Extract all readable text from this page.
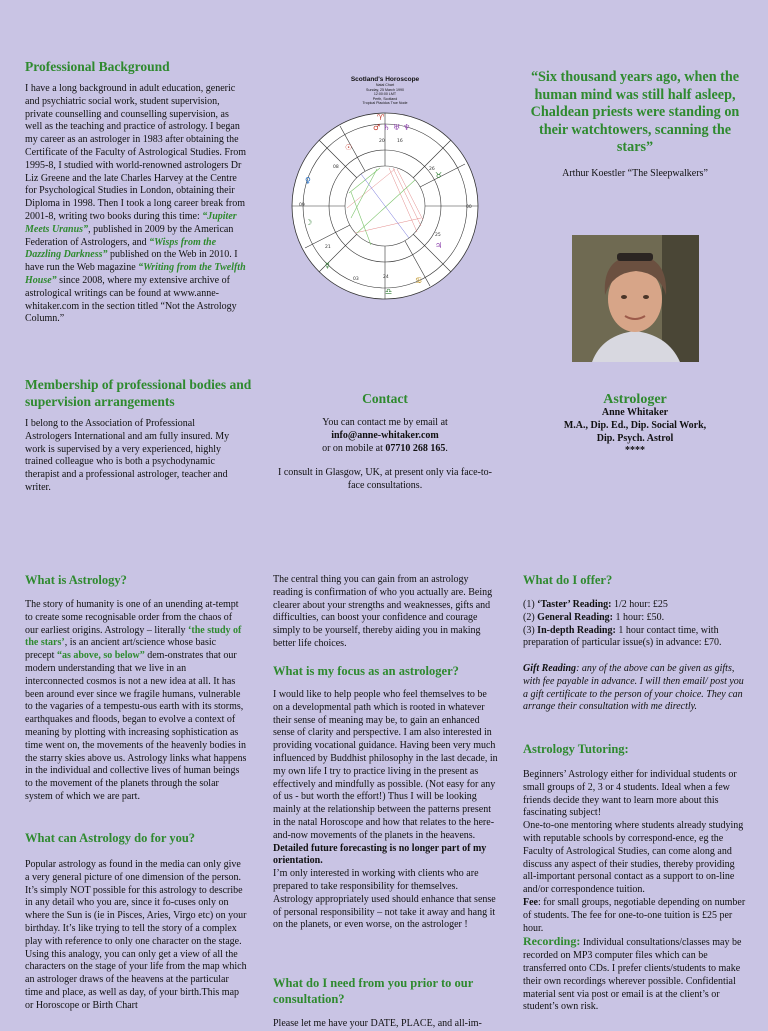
Professional Background
I have a long background in adult education, generic and psychiatric social work, student supervision, private counselling and counselling supervision, as well as the teaching and practice of astrology. I began my career as an astrologer in 1983 after obtaining the Certificate of the Faculty of Astrological Studies. From 1995-8, I studied with world-renowned astrologers Dr Liz Greene and the late Charles Harvey at the Centre for Psychological Studies in London, obtaining their Diploma in 1998. Then I took a long career break from 2001-8, writing two books during this time: “Jupiter Meets Uranus”, published in 2009 by the American Federation of Astrologers, and “Wisps from the Dazzling Darkness” published on the Web in 2010. I have run the Web magazine “Writing from the Twelfth House” since 2008, where my extensive archive of astrological writings can be found at www.anne-whitaker.com in the section titled “Not the Astrology Column.”
Scotland's Horoscope
Natal Chart
Sunday, 25 March 1990
12:00:00 LMT
Perth, Scotland
Tropical Placidus True Node
♂ ♄ ♅ ♆
♉
♀
☽
♃
☉
☿
♋
♎
♈
20	16
08	26
09	00
21
25
24
03
“Six thousand years ago, when the human mind was still half asleep, Chaldean priests were standing on their watchtowers, scanning the stars”
Arthur Koestler “The Sleepwalkers”
Membership of professional bodies and supervision arrangements
I belong to the Association of Professional Astrologers International and am fully insured. My work is supervised by a very experienced, highly trained colleague who is both a psychodynamic therapist and a professional astrologer, teacher and writer.
Contact
You can contact me by email at
info@anne-whitaker.com
or on mobile at 07710 268 165.
I consult in Glasgow, UK, at present only via face-to-face consultations.
Astrologer
Anne Whitaker
M.A., Dip. Ed., Dip. Social Work,
Dip. Psych. Astrol
****
What is Astrology?
The story of humanity is one of an unending at-tempt to create some recognisable order from the chaos of our earliest origins. Astrology – literally ‘the study of the stars’, is an ancient art/science whose basic precept “as above, so below” dem-onstrates that our modern understanding that we live in an interconnected cosmos is not a new idea at all. It has been around ever since we fragile humans, vulnerable to the vagaries of a tempestu-ous earth with its storms, earthquakes and floods, began to evolve a context of meaning by plotting with increasing sophistication as time went on, the movements of the heavenly bodies in the starry skies above us. Astrology links what happens in the individual and collective lives of human beings to the movement of the planets through the solar system of which we are part.
What can Astrology do for you?

Popular astrology as found in the media can only give a very general picture of one dimension of the person. It’s simply NOT possible for this astrology to describe in any detail who you are, since it fo-cuses only on where the Sun is (ie in Pisces, Aries, Virgo etc) on your birthday. It’s like trying to tell the story of a complex play with reference to only one character on the stage.

Using this analogy, you can only get a view of all the characters on the stage of your life from the map which an astrologer draws of the heavens at the particular time and place, as well as day, of your birth.This map or Horoscope or Birth Chart

The central thing you can gain from an astrology reading is confirmation of who you actually are. Being clearer about your strengths and weaknesses, gifts and difficulties, can boost your confidence and courage simply to be yourself, thereby aiding you in making better life choices.
What is my focus as an astrologer?
I would like to help people who feel themselves to be on a developmental path which is rooted in whatever their sense of meaning may be, to gain an enhanced sense of clarity and perspective. I am also interested in providing vocational guidance. Having been very much influenced by Buddhist philosophy in the last decade, in my own life I try to practice living in the present as effectively and mindfully as possible. (Not easy for any of us - but worth the effort!) Thus I will be looking mainly at the relationship between the patterns present in the natal Horoscope and how that relates to the here-and-now movements of the planets in the heavens. Detailed future forecasting is no longer part of my orientation.

I’m only interested in working with clients who are prepared to take responsibility for themselves. Astrology appropriately used should enhance that sense of personal responsibility – not take it away and hang it on the planets, or even worse, on the astrologer !

What do I need from you prior to our consultation?
Please let me have your DATE, PLACE, and all-im-
What do I offer?
(1) ‘Taster’ Reading: 1/2 hour: £25
(2) General Reading: 1 hour: £50.
(3) In-depth Reading: 1 hour contact time, with preparation of particular issue(s) in advance: £70.
Gift Reading: any of the above can be given as gifts, with fee payable in advance. I will then email/ post you a gift certificate to the person of your choice. They can arrange their consultation with me directly.
Astrology Tutoring:

Beginners’ Astrology either for individual students or small groups of 2, 3 or 4 students. Ideal when a few friends decide they want to learn more about this fascinating subject!

One-to-one mentoring where students already studying with reputable schools by correspond-ence, eg the Faculty of Astrological Studies, can come along and discuss any aspect of their studies, thereby providing all-important personal contact as a support to on-line and/or correspondence tuition.

Fee: for small groups, negotiable depending on number of students. The fee for one-to-one tuition is £25 per hour.

Recording: Individual consultations/classes may be recorded on MP3 computer files which can be transferred onto CDs. I prefer clients/students to make their own recordings wherever possible. Confidential material sent via post or email is at the client’s or student’s own risk.
